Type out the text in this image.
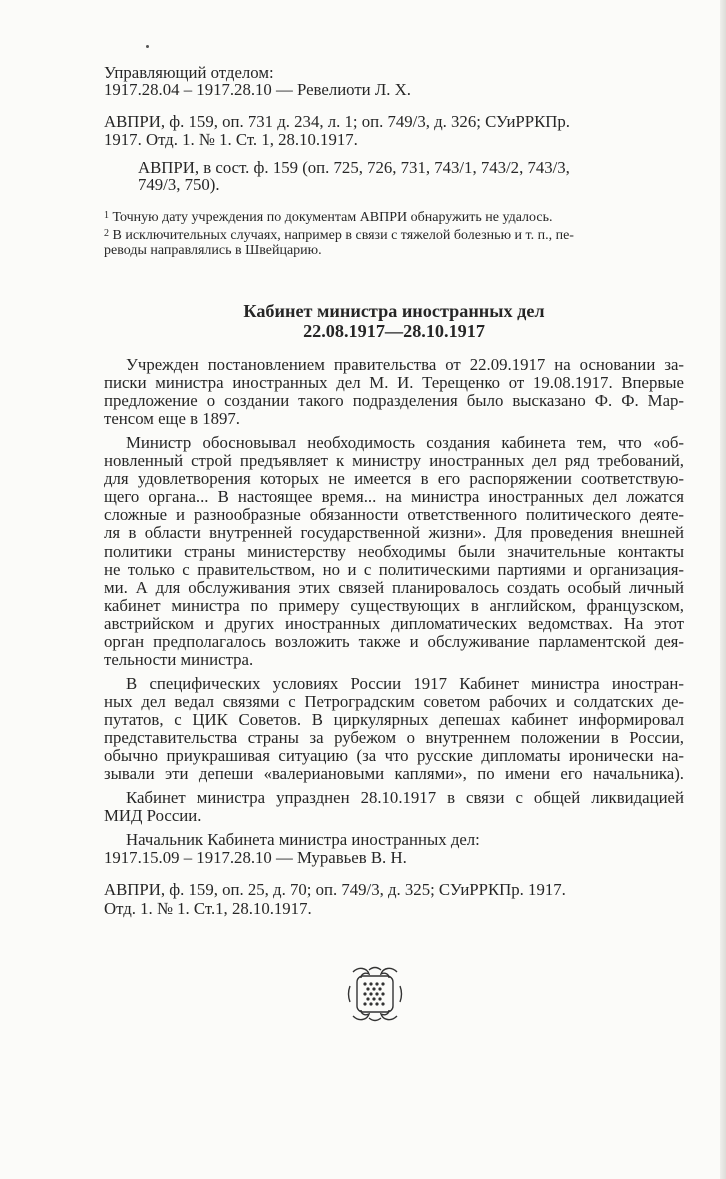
Управляющий отделом:

1917.28.04 – 1917.28.10 — Ревелиоти Л. Х.

АВПРИ, ф. 159, оп. 731 д. 234, л. 1; оп. 749/3, д. 326; СУиРРКПр.

1917. Отд. 1. № 1. Ст. 1, 28.10.1917.

АВПРИ, в сост. ф. 159 (оп. 725, 726, 731, 743/1, 743/2, 743/3,

749/3, 750).

$^1$ Точную дату учреждения по документам АВПРИ обнаружить не удалось.

$^2$ В исключительных случаях, например в связи с тяжелой болезнью и т. п., пе-

реводы направлялись в Швейцарию.

Кабинет министра иностранных дел

22.08.1917—28.10.1917

Учрежден постановлением правительства от 22.09.1917 на основании за-

писки министра иностранных дел М. И. Терещенко от 19.08.1917. Впервые

предложение о создании такого подразделения было высказано Ф. Ф. Мар-

тенсом еще в 1897.

Министр обосновывал необходимость создания кабинета тем, что «об-

новленный строй предъявляет к министру иностранных дел ряд требований,

для удовлетворения которых не имеется в его распоряжении соответствую-

щего органа... В настоящее время... на министра иностранных дел ложатся

сложные и разнообразные обязанности ответственного политического деяте-

ля в области внутренней государственной жизни». Для проведения внешней

политики страны министерству необходимы были значительные контакты

не только с правительством, но и с политическими партиями и организация-

ми. А для обслуживания этих связей планировалось создать особый личный

кабинет министра по примеру существующих в английском, французском,

австрийском и других иностранных дипломатических ведомствах. На этот

орган предполагалось возложить также и обслуживание парламентской дея-

тельности министра.

В специфических условиях России 1917 Кабинет министра иностран-

ных дел ведал связями с Петроградским советом рабочих и солдатских де-

путатов, с ЦИК Советов. В циркулярных депешах кабинет информировал

представительства страны за рубежом о внутреннем положении в России,

обычно приукрашивая ситуацию (за что русские дипломаты иронически на-

зывали эти депеши «валериановыми каплями», по имени его начальника).

Кабинет министра упразднен 28.10.1917 в связи с общей ликвидацией

МИД России.

Начальник Кабинета министра иностранных дел:

1917.15.09 – 1917.28.10 — Муравьев В. Н.

АВПРИ, ф. 159, оп. 25, д. 70; оп. 749/3, д. 325; СУиРРКПр. 1917.

Отд. 1. № 1. Ст.1, 28.10.1917.
